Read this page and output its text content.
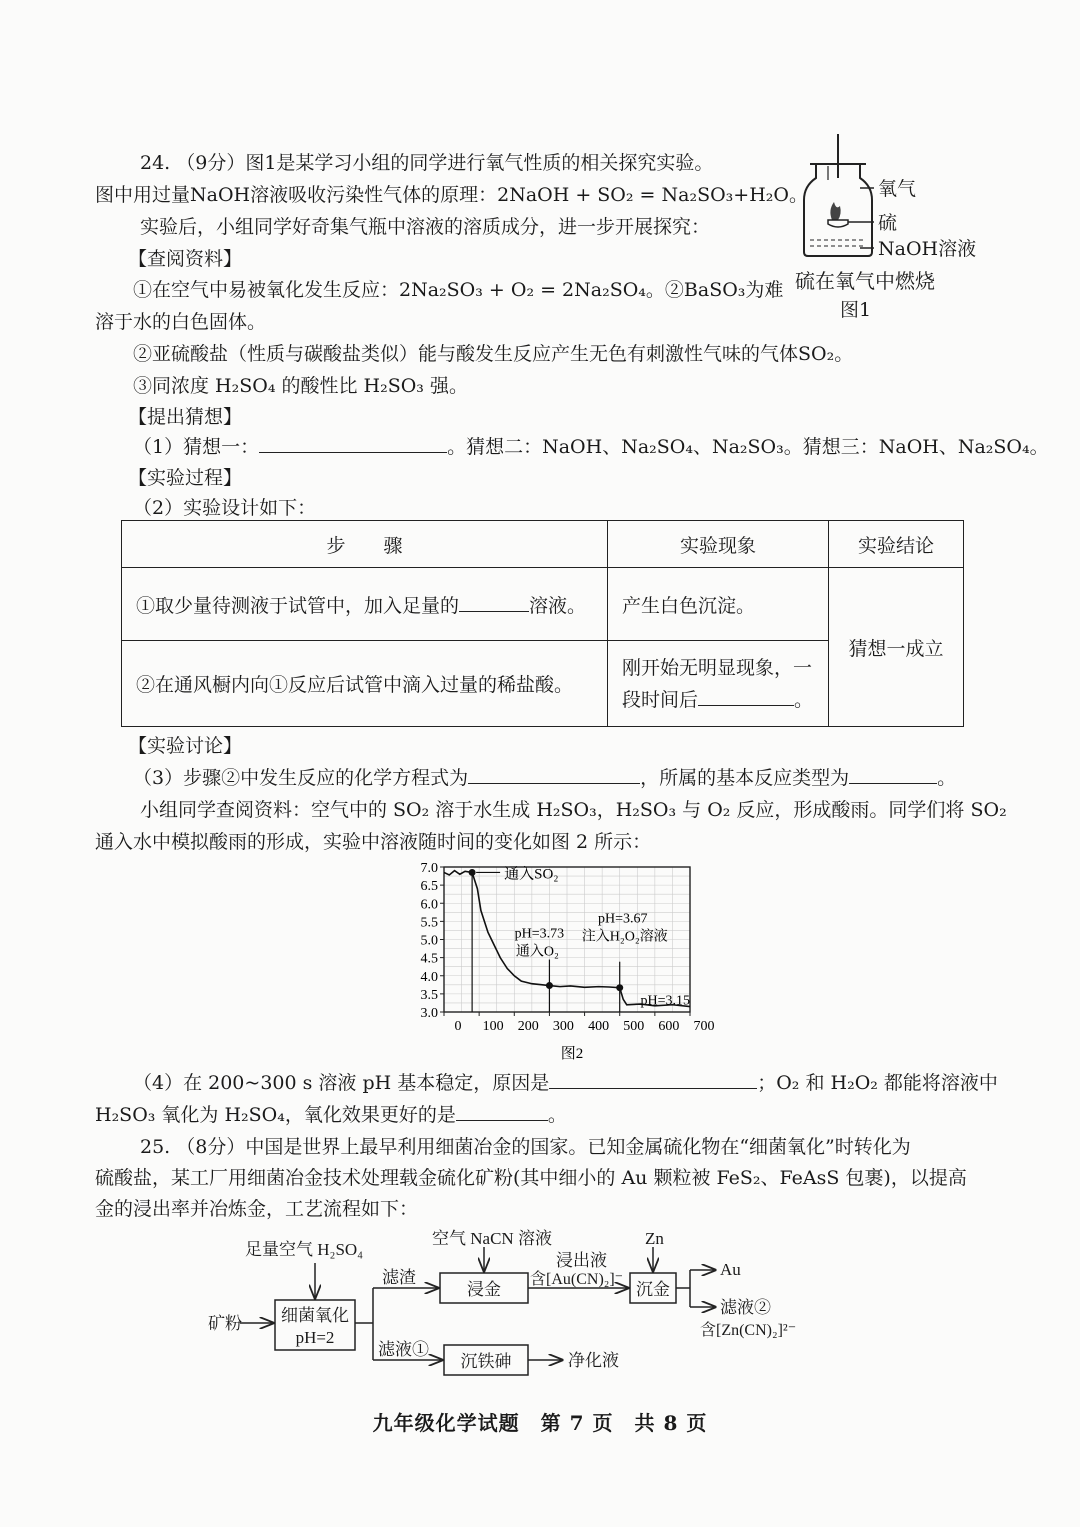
24. （9分）图1是某学习小组的同学进行氧气性质的相关探究实验。
图中用过量NaOH溶液吸收污染性气体的原理：2NaOH + SO₂ = Na₂SO₃+H₂O。
实验后，小组同学好奇集气瓶中溶液的溶质成分，进一步开展探究：
【查阅资料】
①在空气中易被氧化发生反应：2Na₂SO₃ + O₂ = 2Na₂SO₄。②BaSO₃为难
溶于水的白色固体。
②亚硫酸盐（性质与碳酸盐类似）能与酸发生反应产生无色有刺激性气味的气体SO₂。
③同浓度 H₂SO₄ 的酸性比 H₂SO₃ 强。
【提出猜想】
（1）猜想一：	。猜想二：NaOH、Na₂SO₄、Na₂SO₃。猜想三：NaOH、Na₂SO₄。
【实验过程】
（2）实验设计如下：
氧气
硫
NaOH溶液
硫在氧气中燃烧
图1
步　　骤	实验现象	实验结论
①取少量待测液于试管中，加入足量的 溶液。	产生白色沉淀。	猜想一成立
②在通风橱内向①反应后试管中滴入过量的稀盐酸。	刚开始无明显现象，一
段时间后 。	
【实验讨论】
（3）步骤②中发生反应的化学方程式为	，所属的基本反应类型为	。
小组同学查阅资料：空气中的 SO₂ 溶于水生成 H₂SO₃，H₂SO₃ 与 O₂ 反应，形成酸雨。同学们将 SO₂
通入水中模拟酸雨的形成，实验中溶液随时间的变化如图 2 所示：
3.0
3.5
4.0
4.5
5.0
5.5
6.0
6.5
7.0
0 100 200 300 400 500 600 700
通入SO₂
pH=3.73
通入O₂
pH=3.67
注入H₂O₂溶液
pH=3.15
图2
（4）在 200~300 s 溶液 pH 基本稳定，原因是	；O₂ 和 H₂O₂ 都能将溶液中
H₂SO₃ 氧化为 H₂SO₄，氧化效果更好的是	。
25. （8分）中国是世界上最早利用细菌冶金的国家。已知金属硫化物在“细菌氧化”时转化为
硫酸盐，某工厂用细菌冶金技术处理载金硫化矿粉(其中细小的 Au 颗粒被 FeS₂、FeAsS 包裹)，以提高
金的浸出率并冶炼金，工艺流程如下：
矿粉
足量空气 H₂SO₄
细菌氧化
pH=2
滤渣
滤液①
空气 NaCN 溶液
浸金
浸出液
含[Au(CN)₂]⁻
Zn
沉金
Au
滤液②
含[Zn(CN)₂]²⁻
沉铁砷	净化液
九年级化学试题　第 7 页　共 8 页
